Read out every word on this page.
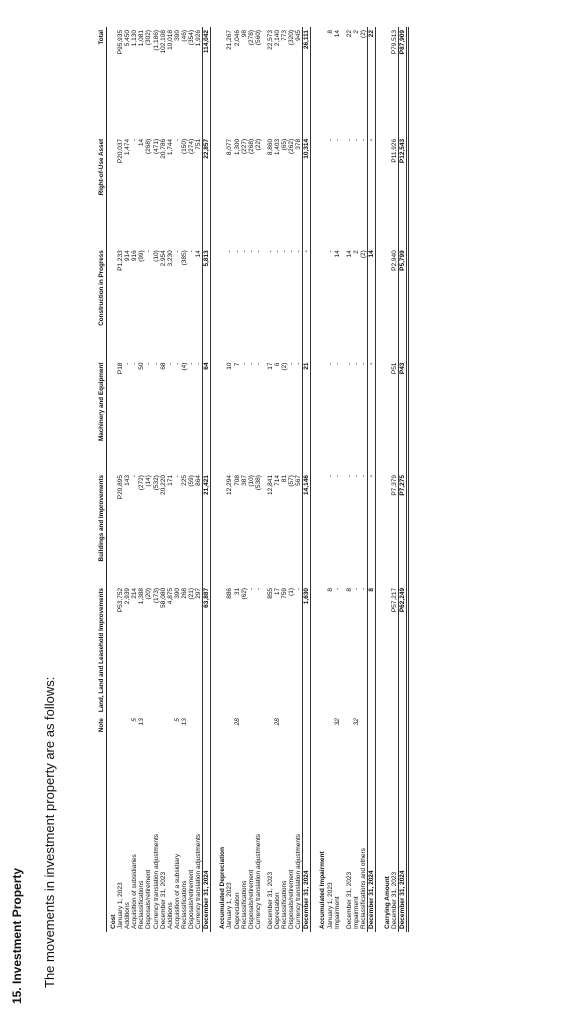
15. Investment Property The movements in investment property are as follows:
		Note	Land, Land and Leasehold Improvements	Buildings and Improvements	Machinery and Equipment	Construction in Progress	Right-of-Use Asset	Total
Cost							
January 1, 2023		P53,752	P20,895	P18	P1,233	P20,037	P95,935
Additions		2,939	143	-	914	1,474	5,450
Acquisition of subsidiaries	5	214	-	-	916	-	1,130
Reclassifications	13	1,388	(272)	50	(99)	14	1,081
Disposals/retirement		(20)	(14)	-	-	(268)	(302)
Currency translation adjustments		(173)	(532)	-	(10)	(471)	(1,186)
December 31, 2023		58,080	20,220	68	2,954	20,786	102,108
Additions		4,875	171	-	3,230	1,744	10,018
Acquisition of a subsidiary	5	390	-	-	-	-	390
Reclassifications	13	268	225	(4)	(385)	(150)	(46)
Disposals/retirement		(21)	(59)	-	-	(274)	(354)
Currency translation adjustments		297	864	-	14	751	1,926
December 31, 2024		63,887	21,421	64	5,813	22,857	114,042

Accumulated Depreciation							
January 1, 2023		886	12,294	10	-	8,077	21,267
Depreciation	28	31	708	7	-	1,300	2,046
Reclassifications		(62)	387	-	-	(227)	98
Disposals/retirement		-	(10)	-	-	(268)	(278)
Currency translation adjustments		-	(538)	-	-	(22)	(560)

December 31, 2023		855	12,841	17	-	8,860	22,573
Depreciation	28	17	714	6	-	1,403	2,140
Reclassifications		759	81	(2)	-	(65)	773
Disposals/retirement		(1)	(57)	-	-	(262)	(320)
Currency translation adjustments		-	567	-	-	378	945
December 31, 2024		1,630	14,146	21	-	10,314	26,111

Accumulated Impairment							
January 1, 2023		8	-	-	-	-	8
Impairment	32	-	-	-	14	-	14

December 31, 2023		8	-	-	14	-	22
Impairment	32	-	-	-	2	-	2
Reclassifications and others		-	-	-	(2)	-	(2)
December 31, 2024		8	-	-	14	-	22

Carrying Amount							
December 31, 2023		P57,217	P7,379	P51	P2,940	P11,926	P79,513
December 31, 2024		P62,249	P7,275	P43	P5,799	P12,543	P87,909
